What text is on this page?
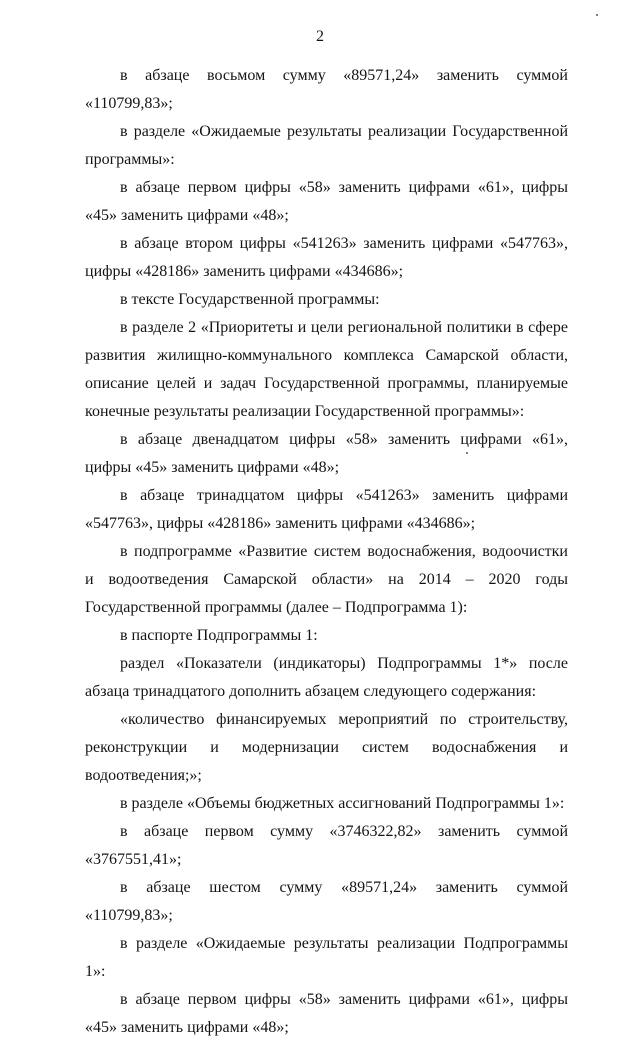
2

в абзаце восьмом сумму «89571,24» заменить суммой «110799,83»;

в разделе «Ожидаемые результаты реализации Государственной программы»:

в абзаце первом цифры «58» заменить цифрами «61», цифры «45» заменить цифрами «48»;

в абзаце втором цифры «541263» заменить цифрами «547763», цифры «428186» заменить цифрами «434686»;

в тексте Государственной программы:

в разделе 2 «Приоритеты и цели региональной политики в сфере развития жилищно-коммунального комплекса Самарской области, описание целей и задач Государственной программы, планируемые конечные результаты реализации Государственной программы»:

в абзаце двенадцатом цифры «58» заменить цифрами «61», цифры «45» заменить цифрами «48»;

в абзаце тринадцатом цифры «541263» заменить цифрами «547763», цифры «428186» заменить цифрами «434686»;

в подпрограмме «Развитие систем водоснабжения, водоочистки и водоотведения Самарской области» на 2014 – 2020 годы Государственной программы (далее – Подпрограмма 1):

в паспорте Подпрограммы 1:

раздел «Показатели (индикаторы) Подпрограммы 1*» после абзаца тринадцатого дополнить абзацем следующего содержания:

«количество финансируемых мероприятий по строительству, реконструкции и модернизации систем водоснабжения и водоотведения;»;

в разделе «Объемы бюджетных ассигнований Подпрограммы 1»:

в абзаце первом сумму «3746322,82» заменить суммой «3767551,41»;

в абзаце шестом сумму «89571,24» заменить суммой «110799,83»;

в разделе «Ожидаемые результаты реализации Подпрограммы 1»:

в абзаце первом цифры «58» заменить цифрами «61», цифры «45» заменить цифрами «48»;
